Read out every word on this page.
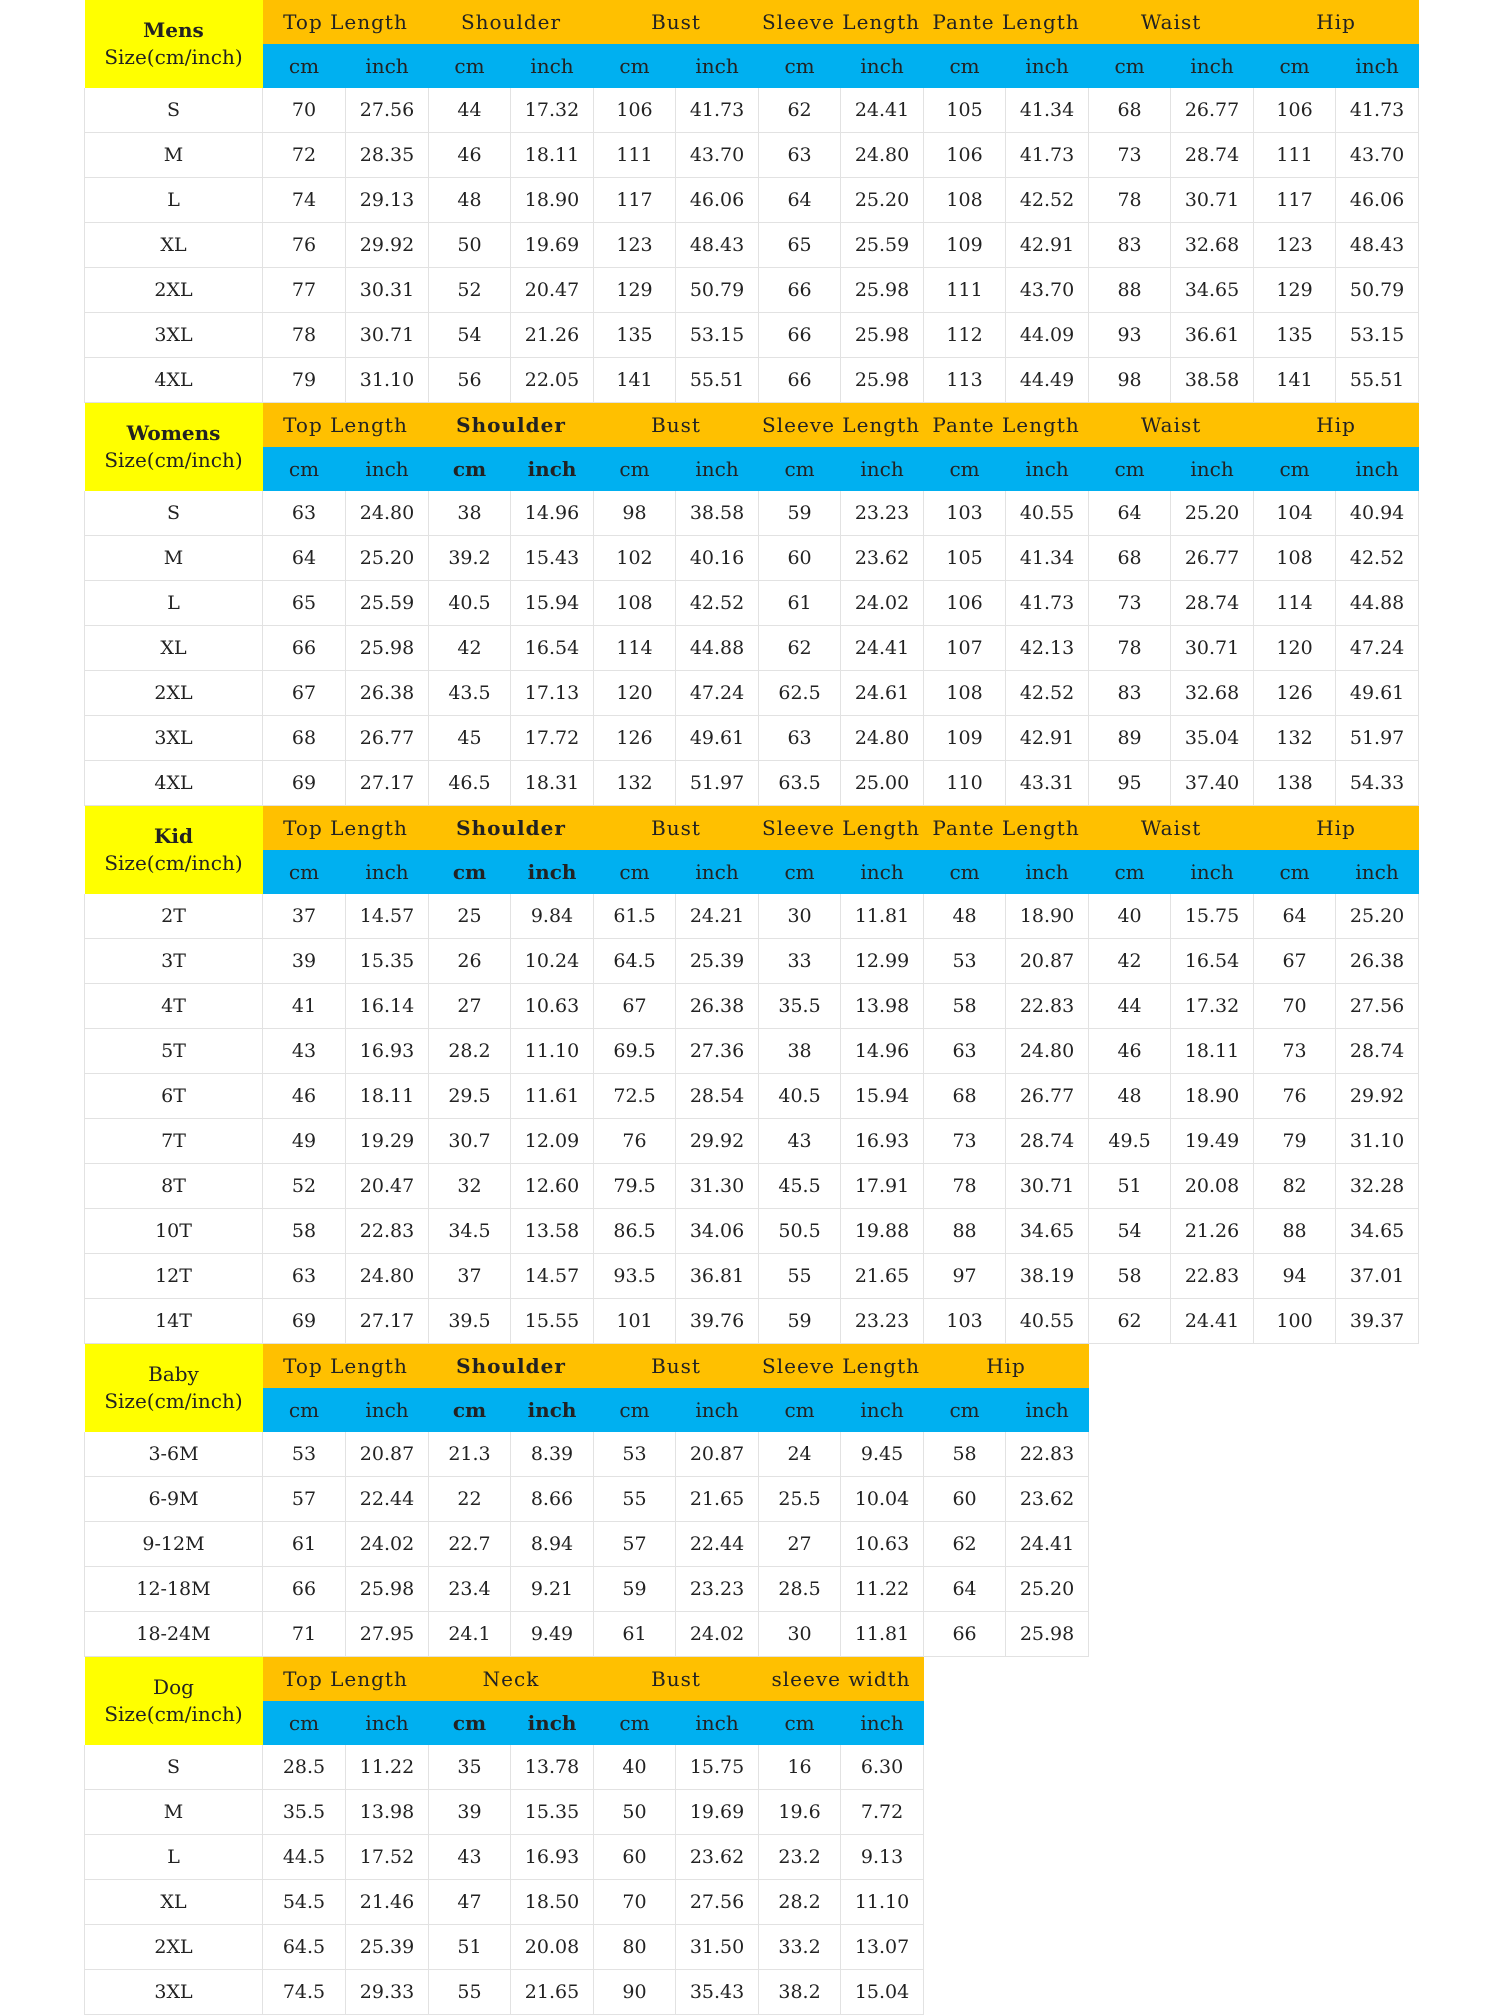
Mens
Size(cm/inch)	Top Length		Shoulder		Bust		Sleeve Length		Pante Length		Waist		Hip	
	cm	inch	cm	inch	cm	inch	cm	inch	cm	inch	cm	inch	cm	inch
S	70	27.56	44	17.32	106	41.73	62	24.41	105	41.34	68	26.77	106	41.73
M	72	28.35	46	18.11	111	43.70	63	24.80	106	41.73	73	28.74	111	43.70
L	74	29.13	48	18.90	117	46.06	64	25.20	108	42.52	78	30.71	117	46.06
XL	76	29.92	50	19.69	123	48.43	65	25.59	109	42.91	83	32.68	123	48.43
2XL	77	30.31	52	20.47	129	50.79	66	25.98	111	43.70	88	34.65	129	50.79
3XL	78	30.71	54	21.26	135	53.15	66	25.98	112	44.09	93	36.61	135	53.15
4XL	79	31.10	56	22.05	141	55.51	66	25.98	113	44.49	98	38.58	141	55.51

Womens
Size(cm/inch)	Top Length		Shoulder		Bust		Sleeve Length		Pante Length		Waist		Hip	
	cm	inch	cm	inch	cm	inch	cm	inch	cm	inch	cm	inch	cm	inch
S	63	24.80	38	14.96	98	38.58	59	23.23	103	40.55	64	25.20	104	40.94
M	64	25.20	39.2	15.43	102	40.16	60	23.62	105	41.34	68	26.77	108	42.52
L	65	25.59	40.5	15.94	108	42.52	61	24.02	106	41.73	73	28.74	114	44.88
XL	66	25.98	42	16.54	114	44.88	62	24.41	107	42.13	78	30.71	120	47.24
2XL	67	26.38	43.5	17.13	120	47.24	62.5	24.61	108	42.52	83	32.68	126	49.61
3XL	68	26.77	45	17.72	126	49.61	63	24.80	109	42.91	89	35.04	132	51.97
4XL	69	27.17	46.5	18.31	132	51.97	63.5	25.00	110	43.31	95	37.40	138	54.33

Kid
Size(cm/inch)	Top Length		Shoulder		Bust		Sleeve Length		Pante Length		Waist		Hip	
	cm	inch	cm	inch	cm	inch	cm	inch	cm	inch	cm	inch	cm	inch
2T	37	14.57	25	9.84	61.5	24.21	30	11.81	48	18.90	40	15.75	64	25.20
3T	39	15.35	26	10.24	64.5	25.39	33	12.99	53	20.87	42	16.54	67	26.38
4T	41	16.14	27	10.63	67	26.38	35.5	13.98	58	22.83	44	17.32	70	27.56
5T	43	16.93	28.2	11.10	69.5	27.36	38	14.96	63	24.80	46	18.11	73	28.74
6T	46	18.11	29.5	11.61	72.5	28.54	40.5	15.94	68	26.77	48	18.90	76	29.92
7T	49	19.29	30.7	12.09	76	29.92	43	16.93	73	28.74	49.5	19.49	79	31.10
8T	52	20.47	32	12.60	79.5	31.30	45.5	17.91	78	30.71	51	20.08	82	32.28
10T	58	22.83	34.5	13.58	86.5	34.06	50.5	19.88	88	34.65	54	21.26	88	34.65
12T	63	24.80	37	14.57	93.5	36.81	55	21.65	97	38.19	58	22.83	94	37.01
14T	69	27.17	39.5	15.55	101	39.76	59	23.23	103	40.55	62	24.41	100	39.37

Baby
Size(cm/inch)	Top Length		Shoulder		Bust		Sleeve Length		Hip					
	cm	inch	cm	inch	cm	inch	cm	inch	cm	inch				
3-6M	53	20.87	21.3	8.39	53	20.87	24	9.45	58	22.83				
6-9M	57	22.44	22	8.66	55	21.65	25.5	10.04	60	23.62				
9-12M	61	24.02	22.7	8.94	57	22.44	27	10.63	62	24.41				
12-18M	66	25.98	23.4	9.21	59	23.23	28.5	11.22	64	25.20				
18-24M	71	27.95	24.1	9.49	61	24.02	30	11.81	66	25.98				

Dog
Size(cm/inch)	Top Length		Neck		Bust		sleeve width							
	cm	inch	cm	inch	cm	inch	cm	inch						
S	28.5	11.22	35	13.78	40	15.75	16	6.30						
M	35.5	13.98	39	15.35	50	19.69	19.6	7.72						
L	44.5	17.52	43	16.93	60	23.62	23.2	9.13						
XL	54.5	21.46	47	18.50	70	27.56	28.2	11.10						
2XL	64.5	25.39	51	20.08	80	31.50	33.2	13.07						
3XL	74.5	29.33	55	21.65	90	35.43	38.2	15.04						
